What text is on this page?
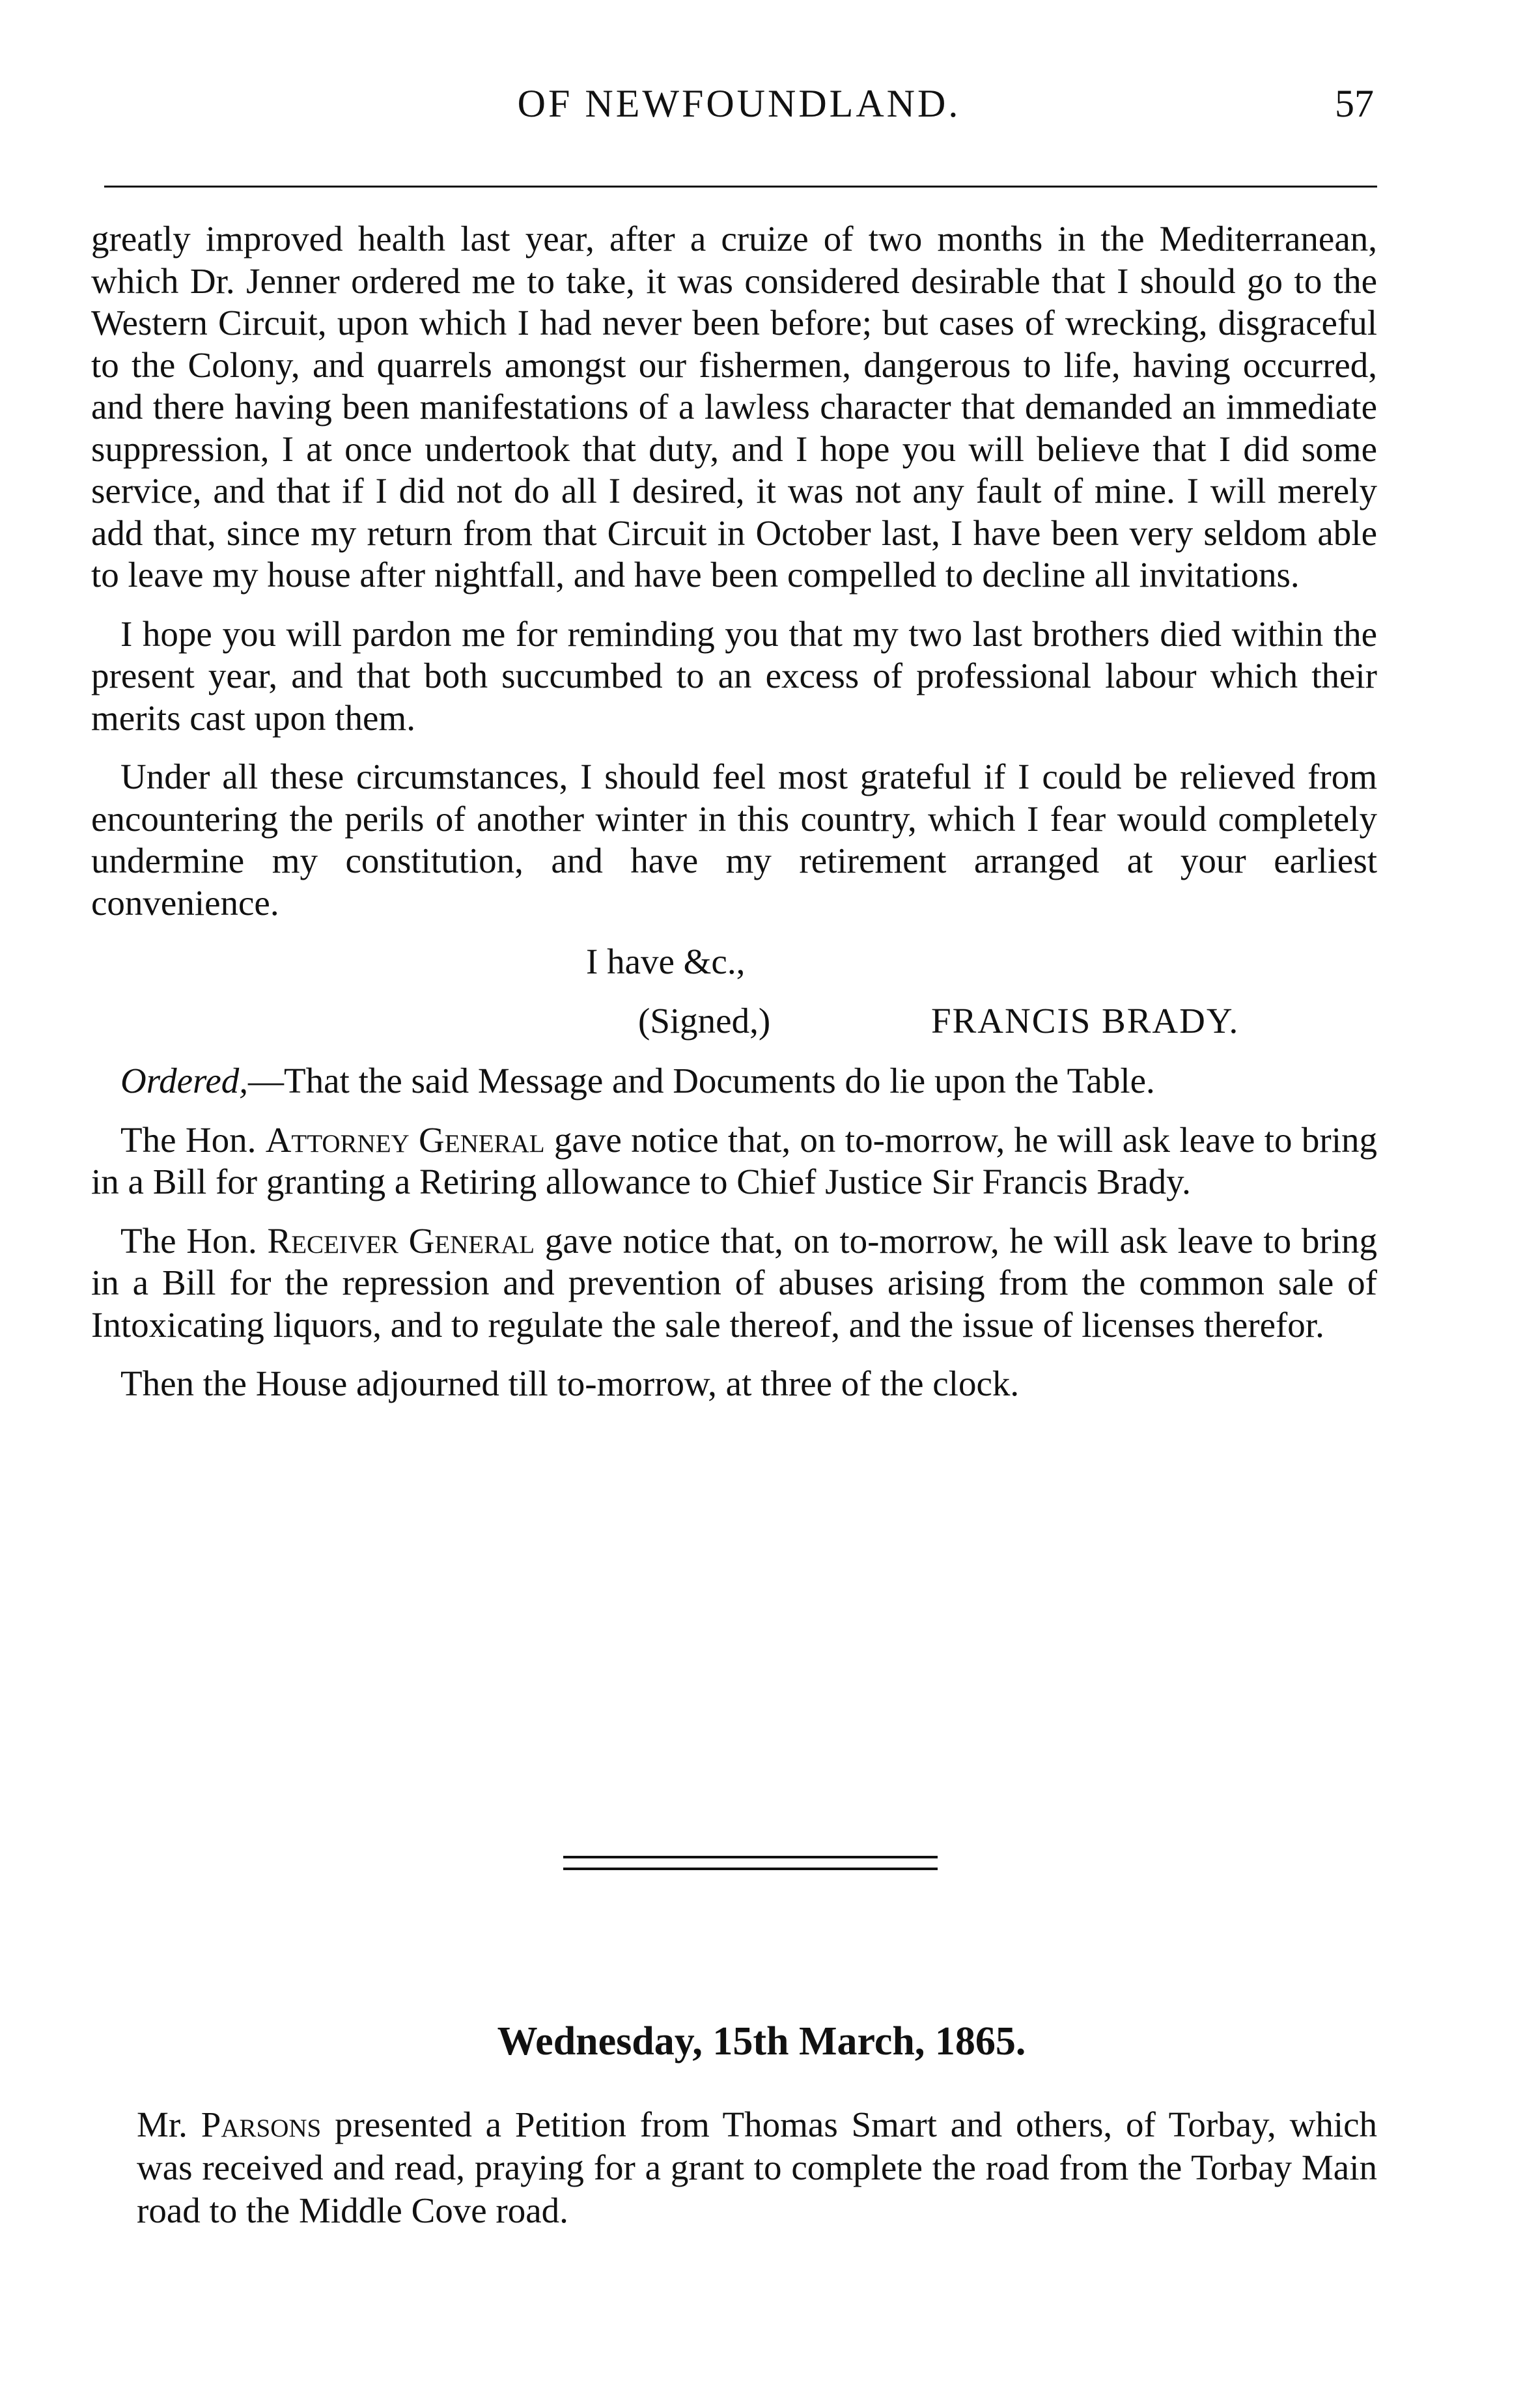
OF NEWFOUNDLAND.	57

greatly improved health last year, after a cruize of two months in the Mediterranean, which Dr. Jenner ordered me to take, it was considered desirable that I should go to the Western Circuit, upon which I had never been before; but cases of wrecking, disgraceful to the Colony, and quarrels amongst our fishermen, dangerous to life, having occurred, and there having been manifestations of a lawless character that demanded an immediate suppression, I at once undertook that duty, and I hope you will believe that I did some service, and that if I did not do all I desired, it was not any fault of mine. I will merely add that, since my return from that Circuit in October last, I have been very seldom able to leave my house after nightfall, and have been compelled to decline all invitations.

I hope you will pardon me for reminding you that my two last brothers died within the present year, and that both succumbed to an excess of professional labour which their merits cast upon them.

Under all these circumstances, I should feel most grateful if I could be relieved from encountering the perils of another winter in this country, which I fear would completely undermine my constitution, and have my retirement arranged at your earliest convenience.

I have &c.,

(Signed,)	FRANCIS BRADY.

Ordered,—That the said Message and Documents do lie upon the Table.

The Hon. Attorney General gave notice that, on to-morrow, he will ask leave to bring in a Bill for granting a Retiring allowance to Chief Justice Sir Francis Brady.

The Hon. Receiver General gave notice that, on to-morrow, he will ask leave to bring in a Bill for the repression and prevention of abuses arising from the common sale of Intoxicating liquors, and to regulate the sale thereof, and the issue of licenses therefor.

Then the House adjourned till to-morrow, at three of the clock.

Wednesday, 15th March, 1865.
Mr. Parsons presented a Petition from Thomas Smart and others, of Torbay, which was received and read, praying for a grant to complete the road from the Torbay Main road to the Middle Cove road.
